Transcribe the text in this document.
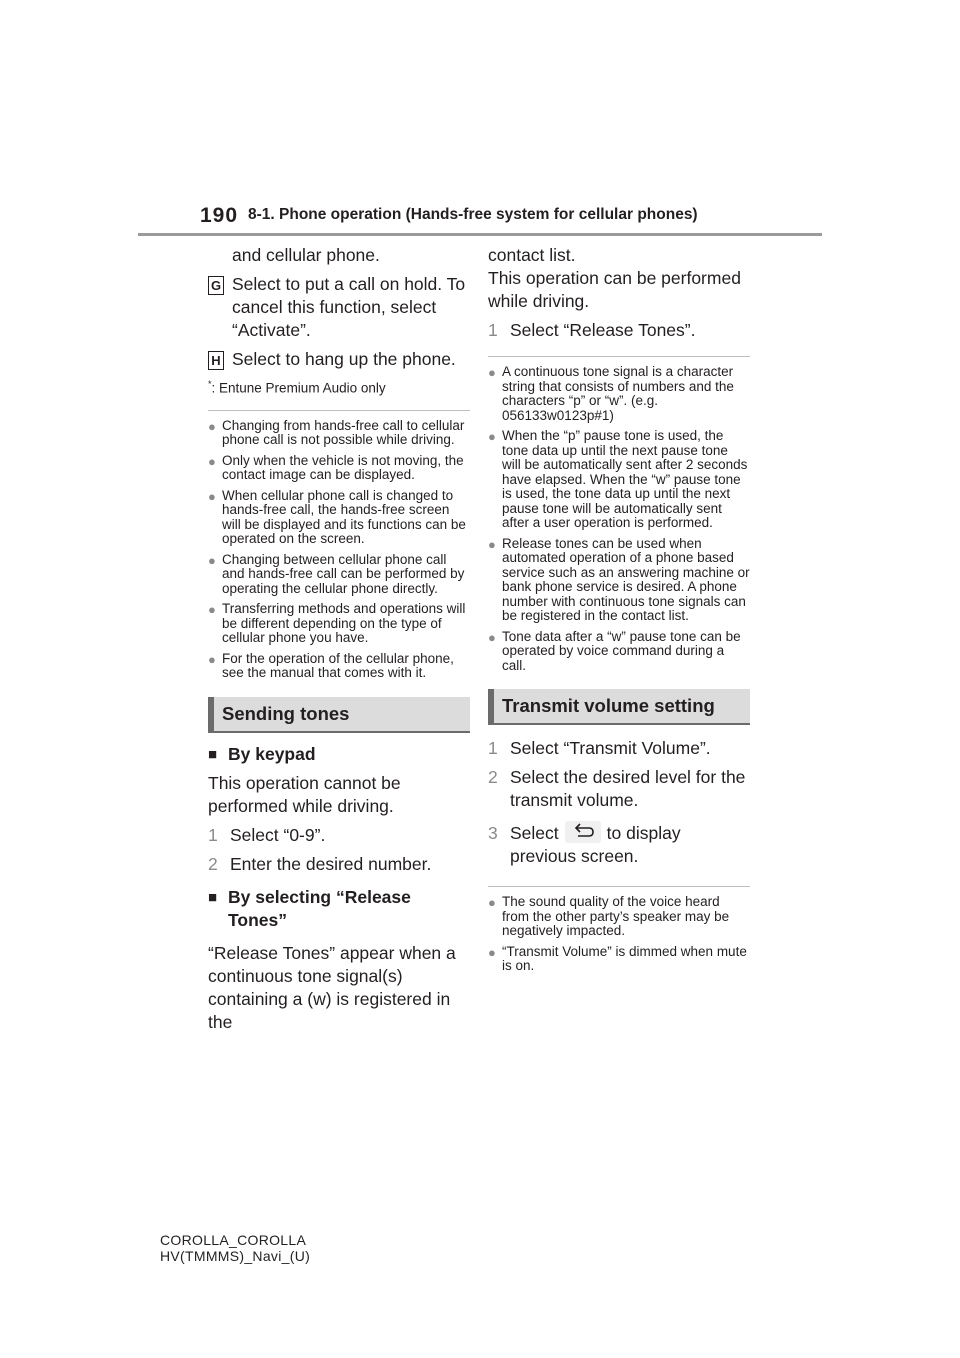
190 8-1. Phone operation (Hands-free system for cellular phones)

and cellular phone.

G Select to put a call on hold. To cancel this function, select “Activate”.
H Select to hang up the phone.
*: Entune Premium Audio only
● Changing from hands-free call to cellular phone call is not possible while driving.
● Only when the vehicle is not moving, the contact image can be displayed.
● When cellular phone call is changed to hands-free call, the hands-free screen will be displayed and its functions can be operated on the screen.
● Changing between cellular phone call and hands-free call can be performed by operating the cellular phone directly.
● Transferring methods and operations will be different depending on the type of cellular phone you have.
● For the operation of the cellular phone, see the manual that comes with it.
Sending tones
■ By keypad

This operation cannot be performed while driving.

1 Select “0-9”.
2 Enter the desired number.
■ By selecting “Release Tones”

“Release Tones” appear when a continuous tone signal(s) containing a (w) is registered in the

contact list.

This operation can be performed while driving.

1 Select “Release Tones”.
● A continuous tone signal is a character string that consists of numbers and the characters “p” or “w”. (e.g. 056133w0123p#1)
● When the “p” pause tone is used, the tone data up until the next pause tone will be automatically sent after 2 seconds have elapsed. When the “w” pause tone is used, the tone data up until the next pause tone will be automatically sent after a user operation is performed.
● Release tones can be used when automated operation of a phone based service such as an answering machine or bank phone service is desired. A phone number with continuous tone signals can be registered in the contact list.
● Tone data after a “w” pause tone can be operated by voice command during a call.
Transmit volume setting
1 Select “Transmit Volume”.
2 Select the desired level for the transmit volume.
3 Select	to display previous screen.
● The sound quality of the voice heard from the other party’s speaker may be negatively impacted.
● “Transmit Volume” is dimmed when mute is on.
COROLLA_COROLLA
HV(TMMMS)_Navi_(U)
